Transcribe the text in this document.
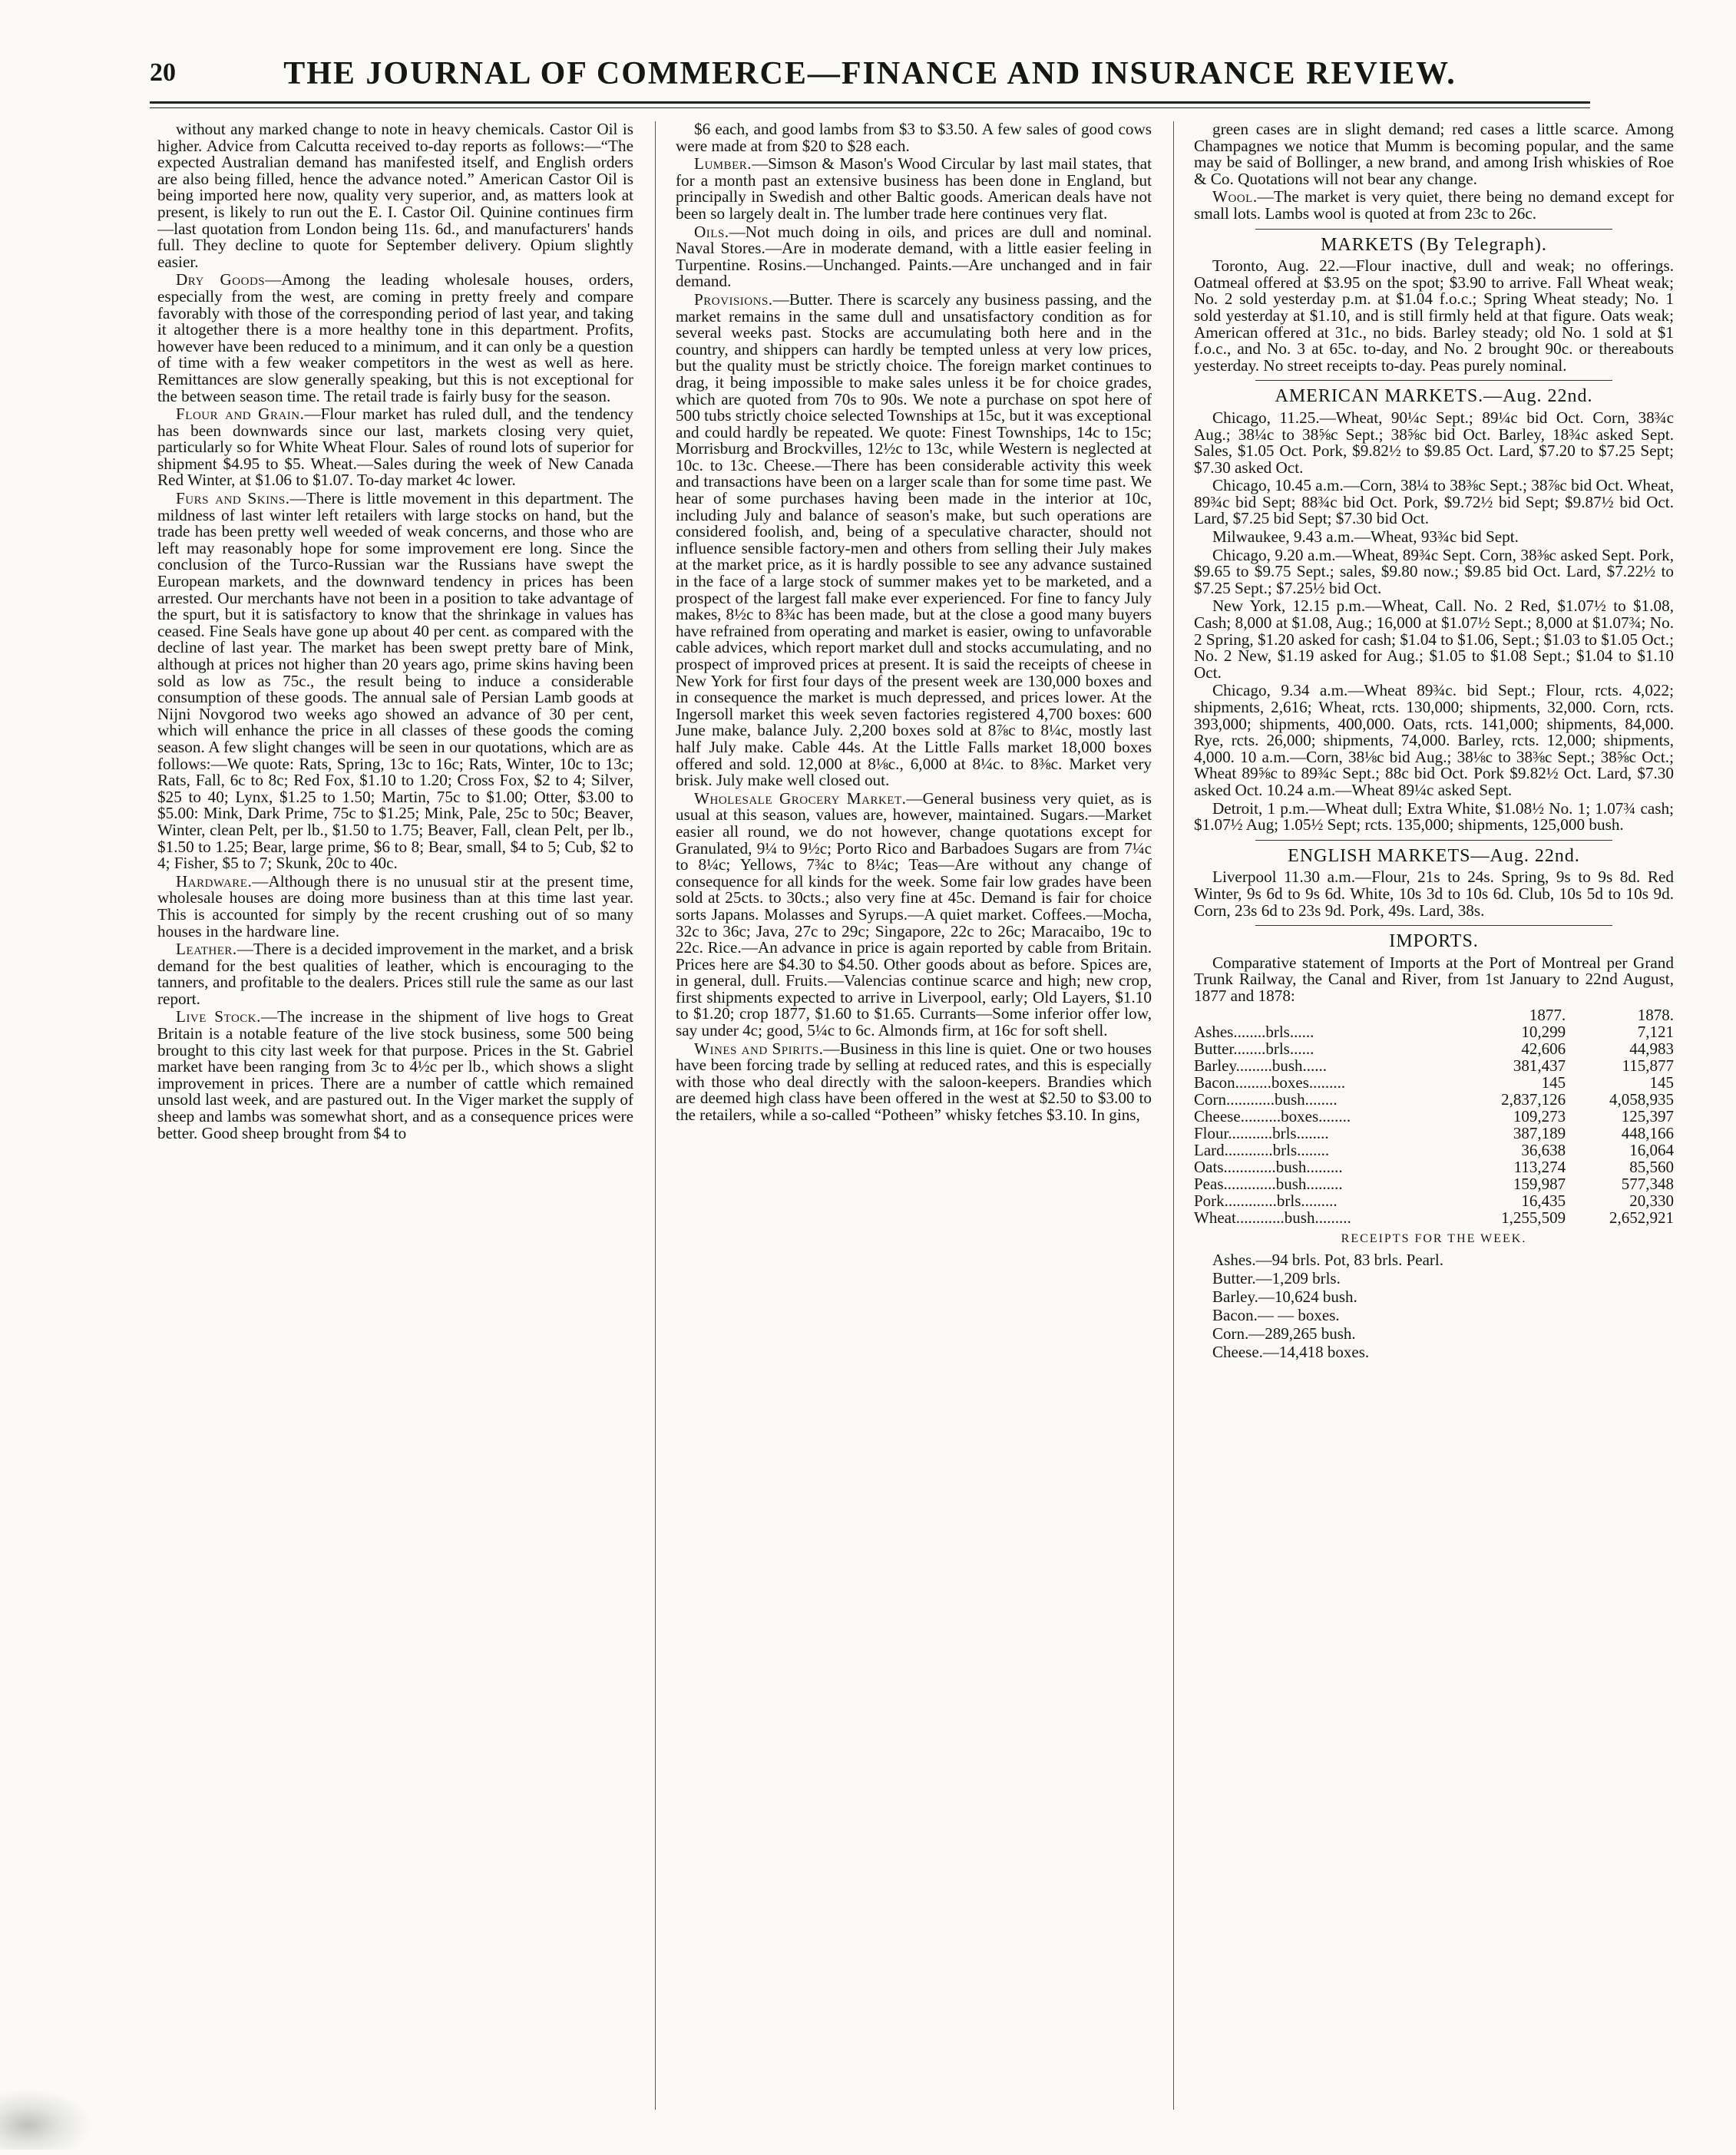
20	THE JOURNAL OF COMMERCE—FINANCE AND INSURANCE REVIEW.

without any marked change to note in heavy chemicals. Castor Oil is higher. Advice from Calcutta received to-day reports as follows:—“The expected Australian demand has manifested itself, and English orders are also being filled, hence the advance noted.” American Castor Oil is being imported here now, quality very superior, and, as matters look at present, is likely to run out the E. I. Castor Oil. Quinine continues firm—last quotation from London being 11s. 6d., and manufacturers' hands full. They decline to quote for September delivery. Opium slightly easier.

Dry Goods—Among the leading wholesale houses, orders, especially from the west, are coming in pretty freely and compare favorably with those of the corresponding period of last year, and taking it altogether there is a more healthy tone in this department. Profits, however have been reduced to a minimum, and it can only be a question of time with a few weaker competitors in the west as well as here. Remittances are slow generally speaking, but this is not exceptional for the between season time. The retail trade is fairly busy for the season.

Flour and Grain.—Flour market has ruled dull, and the tendency has been downwards since our last, markets closing very quiet, particularly so for White Wheat Flour. Sales of round lots of superior for shipment $4.95 to $5. Wheat.—Sales during the week of New Canada Red Winter, at $1.06 to $1.07. To-day market 4c lower.

Furs and Skins.—There is little movement in this department. The mildness of last winter left retailers with large stocks on hand, but the trade has been pretty well weeded of weak concerns, and those who are left may reasonably hope for some improvement ere long. Since the conclusion of the Turco-Russian war the Russians have swept the European markets, and the downward tendency in prices has been arrested. Our merchants have not been in a position to take advantage of the spurt, but it is satisfactory to know that the shrinkage in values has ceased. Fine Seals have gone up about 40 per cent. as compared with the decline of last year. The market has been swept pretty bare of Mink, although at prices not higher than 20 years ago, prime skins having been sold as low as 75c., the result being to induce a considerable consumption of these goods. The annual sale of Persian Lamb goods at Nijni Novgorod two weeks ago showed an advance of 30 per cent, which will enhance the price in all classes of these goods the coming season. A few slight changes will be seen in our quotations, which are as follows:—We quote: Rats, Spring, 13c to 16c; Rats, Winter, 10c to 13c; Rats, Fall, 6c to 8c; Red Fox, $1.10 to 1.20; Cross Fox, $2 to 4; Silver, $25 to 40; Lynx, $1.25 to 1.50; Martin, 75c to $1.00; Otter, $3.00 to $5.00: Mink, Dark Prime, 75c to $1.25; Mink, Pale, 25c to 50c; Beaver, Winter, clean Pelt, per lb., $1.50 to 1.75; Beaver, Fall, clean Pelt, per lb., $1.50 to 1.25; Bear, large prime, $6 to 8; Bear, small, $4 to 5; Cub, $2 to 4; Fisher, $5 to 7; Skunk, 20c to 40c.

Hardware.—Although there is no unusual stir at the present time, wholesale houses are doing more business than at this time last year. This is accounted for simply by the recent crushing out of so many houses in the hardware line.

Leather.—There is a decided improvement in the market, and a brisk demand for the best qualities of leather, which is encouraging to the tanners, and profitable to the dealers. Prices still rule the same as our last report.

Live Stock.—The increase in the shipment of live hogs to Great Britain is a notable feature of the live stock business, some 500 being brought to this city last week for that purpose. Prices in the St. Gabriel market have been ranging from 3c to 4½c per lb., which shows a slight improvement in prices. There are a number of cattle which remained unsold last week, and are pastured out. In the Viger market the supply of sheep and lambs was somewhat short, and as a consequence prices were better. Good sheep brought from $4 to

$6 each, and good lambs from $3 to $3.50. A few sales of good cows were made at from $20 to $28 each.

Lumber.—Simson & Mason's Wood Circular by last mail states, that for a month past an extensive business has been done in England, but principally in Swedish and other Baltic goods. American deals have not been so largely dealt in. The lumber trade here continues very flat.

Oils.—Not much doing in oils, and prices are dull and nominal. Naval Stores.—Are in moderate demand, with a little easier feeling in Turpentine. Rosins.—Unchanged. Paints.—Are unchanged and in fair demand.

Provisions.—Butter. There is scarcely any business passing, and the market remains in the same dull and unsatisfactory condition as for several weeks past. Stocks are accumulating both here and in the country, and shippers can hardly be tempted unless at very low prices, but the quality must be strictly choice. The foreign market continues to drag, it being impossible to make sales unless it be for choice grades, which are quoted from 70s to 90s. We note a purchase on spot here of 500 tubs strictly choice selected Townships at 15c, but it was exceptional and could hardly be repeated. We quote: Finest Townships, 14c to 15c; Morrisburg and Brockvilles, 12½c to 13c, while Western is neglected at 10c. to 13c. Cheese.—There has been considerable activity this week and transactions have been on a larger scale than for some time past. We hear of some purchases having been made in the interior at 10c, including July and balance of season's make, but such operations are considered foolish, and, being of a speculative character, should not influence sensible factory-men and others from selling their July makes at the market price, as it is hardly possible to see any advance sustained in the face of a large stock of summer makes yet to be marketed, and a prospect of the largest fall make ever experienced. For fine to fancy July makes, 8½c to 8¾c has been made, but at the close a good many buyers have refrained from operating and market is easier, owing to unfavorable cable advices, which report market dull and stocks accumulating, and no prospect of improved prices at present. It is said the receipts of cheese in New York for first four days of the present week are 130,000 boxes and in consequence the market is much depressed, and prices lower. At the Ingersoll market this week seven factories registered 4,700 boxes: 600 June make, balance July. 2,200 boxes sold at 8⅞c to 8¼c, mostly last half July make. Cable 44s. At the Little Falls market 18,000 boxes offered and sold. 12,000 at 8⅛c., 6,000 at 8¼c. to 8⅜c. Market very brisk. July make well closed out.

Wholesale Grocery Market.—General business very quiet, as is usual at this season, values are, however, maintained. Sugars.—Market easier all round, we do not however, change quotations except for Granulated, 9¼ to 9½c; Porto Rico and Barbadoes Sugars are from 7¼c to 8¼c; Yellows, 7¾c to 8¼c; Teas—Are without any change of consequence for all kinds for the week. Some fair low grades have been sold at 25cts. to 30cts.; also very fine at 45c. Demand is fair for choice sorts Japans. Molasses and Syrups.—A quiet market. Coffees.—Mocha, 32c to 36c; Java, 27c to 29c; Singapore, 22c to 26c; Maracaibo, 19c to 22c. Rice.—An advance in price is again reported by cable from Britain. Prices here are $4.30 to $4.50. Other goods about as before. Spices are, in general, dull. Fruits.—Valencias continue scarce and high; new crop, first shipments expected to arrive in Liverpool, early; Old Layers, $1.10 to $1.20; crop 1877, $1.60 to $1.65. Currants—Some inferior offer low, say under 4c; good, 5¼c to 6c. Almonds firm, at 16c for soft shell.

Wines and Spirits.—Business in this line is quiet. One or two houses have been forcing trade by selling at reduced rates, and this is especially with those who deal directly with the saloon-keepers. Brandies which are deemed high class have been offered in the west at $2.50 to $3.00 to the retailers, while a so-called “Potheen” whisky fetches $3.10. In gins,

green cases are in slight demand; red cases a little scarce. Among Champagnes we notice that Mumm is becoming popular, and the same may be said of Bollinger, a new brand, and among Irish whiskies of Roe & Co. Quotations will not bear any change.

Wool.—The market is very quiet, there being no demand except for small lots. Lambs wool is quoted at from 23c to 26c.

MARKETS (By Telegraph).

Toronto, Aug. 22.—Flour inactive, dull and weak; no offerings. Oatmeal offered at $3.95 on the spot; $3.90 to arrive. Fall Wheat weak; No. 2 sold yesterday p.m. at $1.04 f.o.c.; Spring Wheat steady; No. 1 sold yesterday at $1.10, and is still firmly held at that figure. Oats weak; American offered at 31c., no bids. Barley steady; old No. 1 sold at $1 f.o.c., and No. 3 at 65c. to-day, and No. 2 brought 90c. or thereabouts yesterday. No street receipts to-day. Peas purely nominal.

AMERICAN MARKETS.—Aug. 22nd.

Chicago, 11.25.—Wheat, 90¼c Sept.; 89¼c bid Oct. Corn, 38¾c Aug.; 38¼c to 38⅝c Sept.; 38⅝c bid Oct. Barley, 18¾c asked Sept. Sales, $1.05 Oct. Pork, $9.82½ to $9.85 Oct. Lard, $7.20 to $7.25 Sept; $7.30 asked Oct.

Chicago, 10.45 a.m.—Corn, 38¼ to 38⅜c Sept.; 38⅞c bid Oct. Wheat, 89¾c bid Sept; 88¾c bid Oct. Pork, $9.72½ bid Sept; $9.87½ bid Oct. Lard, $7.25 bid Sept; $7.30 bid Oct.

Milwaukee, 9.43 a.m.—Wheat, 93¾c bid Sept.

Chicago, 9.20 a.m.—Wheat, 89¾c Sept. Corn, 38⅜c asked Sept. Pork, $9.65 to $9.75 Sept.; sales, $9.80 now.; $9.85 bid Oct. Lard, $7.22½ to $7.25 Sept.; $7.25½ bid Oct.

New York, 12.15 p.m.—Wheat, Call. No. 2 Red, $1.07½ to $1.08, Cash; 8,000 at $1.08, Aug.; 16,000 at $1.07½ Sept.; 8,000 at $1.07¾; No. 2 Spring, $1.20 asked for cash; $1.04 to $1.06, Sept.; $1.03 to $1.05 Oct.; No. 2 New, $1.19 asked for Aug.; $1.05 to $1.08 Sept.; $1.04 to $1.10 Oct.

Chicago, 9.34 a.m.—Wheat 89¾c. bid Sept.; Flour, rcts. 4,022; shipments, 2,616; Wheat, rcts. 130,000; shipments, 32,000. Corn, rcts. 393,000; shipments, 400,000. Oats, rcts. 141,000; shipments, 84,000. Rye, rcts. 26,000; shipments, 74,000. Barley, rcts. 12,000; shipments, 4,000. 10 a.m.—Corn, 38⅛c bid Aug.; 38⅛c to 38⅜c Sept.; 38⅝c Oct.; Wheat 89⅝c to 89¾c Sept.; 88c bid Oct. Pork $9.82½ Oct. Lard, $7.30 asked Oct. 10.24 a.m.—Wheat 89¼c asked Sept.

Detroit, 1 p.m.—Wheat dull; Extra White, $1.08½ No. 1; 1.07¾ cash; $1.07½ Aug; 1.05½ Sept; rcts. 135,000; shipments, 125,000 bush.

ENGLISH MARKETS—Aug. 22nd.

Liverpool 11.30 a.m.—Flour, 21s to 24s. Spring, 9s to 9s 8d. Red Winter, 9s 6d to 9s 6d. White, 10s 3d to 10s 6d. Club, 10s 5d to 10s 9d. Corn, 23s 6d to 23s 9d. Pork, 49s. Lard, 38s.

IMPORTS.

Comparative statement of Imports at the Port of Montreal per Grand Trunk Railway, the Canal and River, from 1st January to 22nd August, 1877 and 1878:

	1877.	1878.
Ashes........brls......	10,299	7,121
Butter........brls......	42,606	44,983
Barley.........bush......	381,437	115,877
Bacon.........boxes.........	145	145
Corn............bush........	2,837,126	4,058,935
Cheese..........boxes........	109,273	125,397
Flour...........brls........	387,189	448,166
Lard............brls........	36,638	16,064
Oats.............bush.........	113,274	85,560
Peas.............bush.........	159,987	577,348
Pork.............brls.........	16,435	20,330
Wheat............bush.........	1,255,509	2,652,921
RECEIPTS FOR THE WEEK.

Ashes.—94 brls. Pot, 83 brls. Pearl.

Butter.—1,209 brls.

Barley.—10,624 bush.

Bacon.— — boxes.

Corn.—289,265 bush.

Cheese.—14,418 boxes.
